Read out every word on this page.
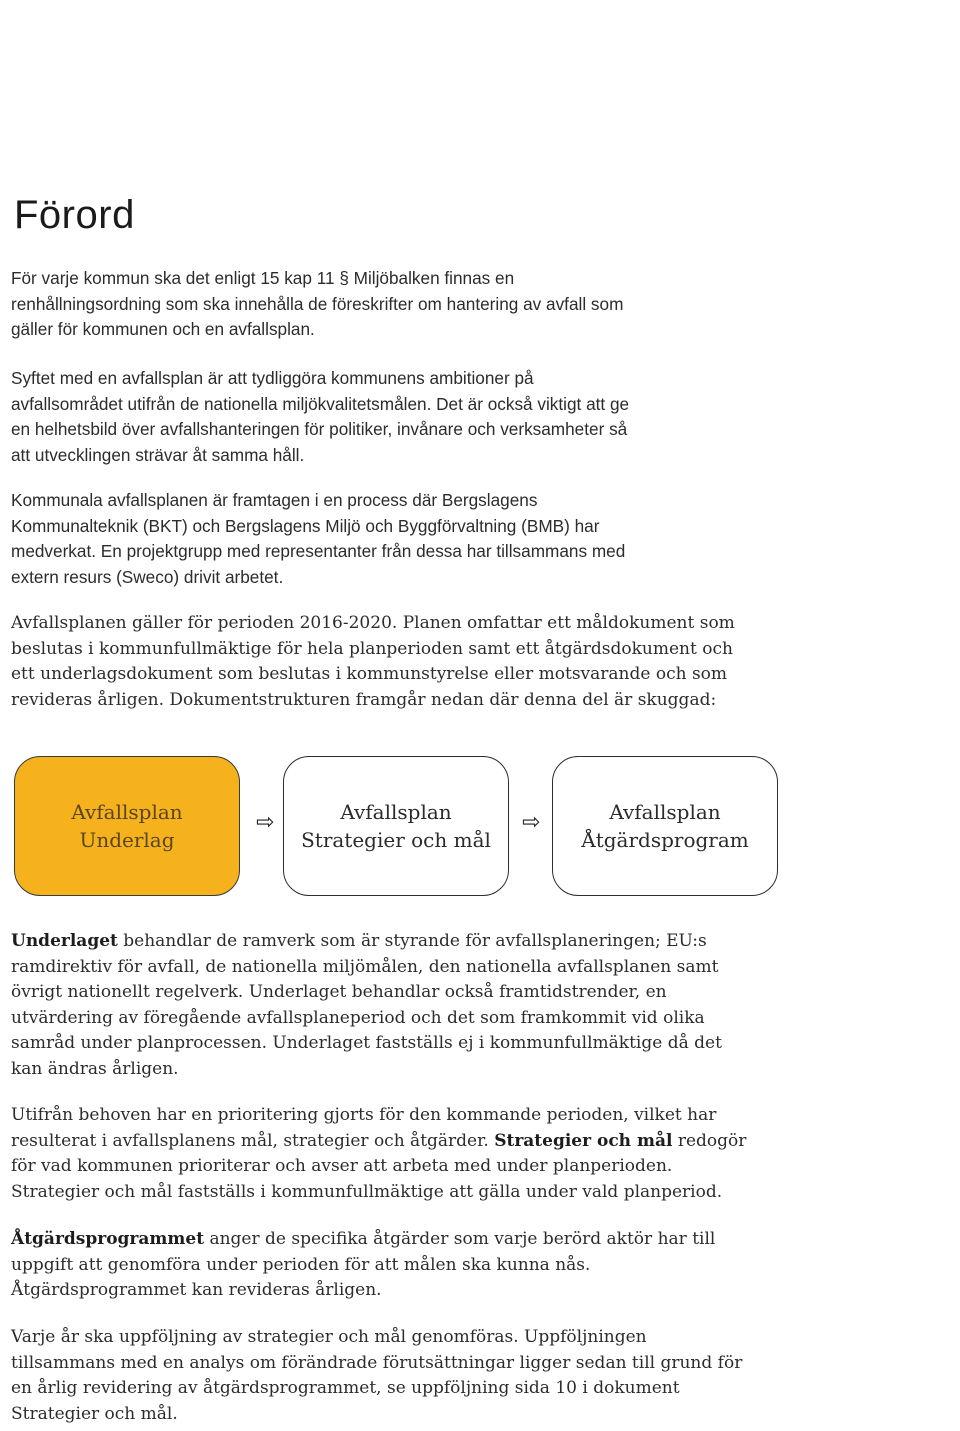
Förord

För varje kommun ska det enligt 15 kap 11 § Miljöbalken finnas en
renhållningsordning som ska innehålla de föreskrifter om hantering av avfall som
gäller för kommunen och en avfallsplan.

Syftet med en avfallsplan är att tydliggöra kommunens ambitioner på
avfallsområdet utifrån de nationella miljökvalitetsmålen. Det är också viktigt att ge
en helhetsbild över avfallshanteringen för politiker, invånare och verksamheter så
att utvecklingen strävar åt samma håll.

Kommunala avfallsplanen är framtagen i en process där Bergslagens
Kommunalteknik (BKT) och Bergslagens Miljö och Byggförvaltning (BMB) har
medverkat. En projektgrupp med representanter från dessa har tillsammans med
extern resurs (Sweco) drivit arbetet.

Avfallsplanen gäller för perioden 2016-2020. Planen omfattar ett måldokument som
beslutas i kommunfullmäktige för hela planperioden samt ett åtgärdsdokument och
ett underlagsdokument som beslutas i kommunstyrelse eller motsvarande och som
revideras årligen. Dokumentstrukturen framgår nedan där denna del är skuggad:

Avfallsplan
Underlag
⇨	Avfallsplan
Strategier och mål
⇨	Avfallsplan
Åtgärdsprogram

Underlaget behandlar de ramverk som är styrande för avfallsplaneringen; EU:s
ramdirektiv för avfall, de nationella miljömålen, den nationella avfallsplanen samt
övrigt nationellt regelverk. Underlaget behandlar också framtidstrender, en
utvärdering av föregående avfallsplaneperiod och det som framkommit vid olika
samråd under planprocessen. Underlaget fastställs ej i kommunfullmäktige då det
kan ändras årligen.

Utifrån behoven har en prioritering gjorts för den kommande perioden, vilket har
resulterat i avfallsplanens mål, strategier och åtgärder. Strategier och mål redogör
för vad kommunen prioriterar och avser att arbeta med under planperioden.
Strategier och mål fastställs i kommunfullmäktige att gälla under vald planperiod.

Åtgärdsprogrammet anger de specifika åtgärder som varje berörd aktör har till
uppgift att genomföra under perioden för att målen ska kunna nås.
Åtgärdsprogrammet kan revideras årligen.

Varje år ska uppföljning av strategier och mål genomföras. Uppföljningen
tillsammans med en analys om förändrade förutsättningar ligger sedan till grund för
en årlig revidering av åtgärdsprogrammet, se uppföljning sida 10 i dokument
Strategier och mål.
